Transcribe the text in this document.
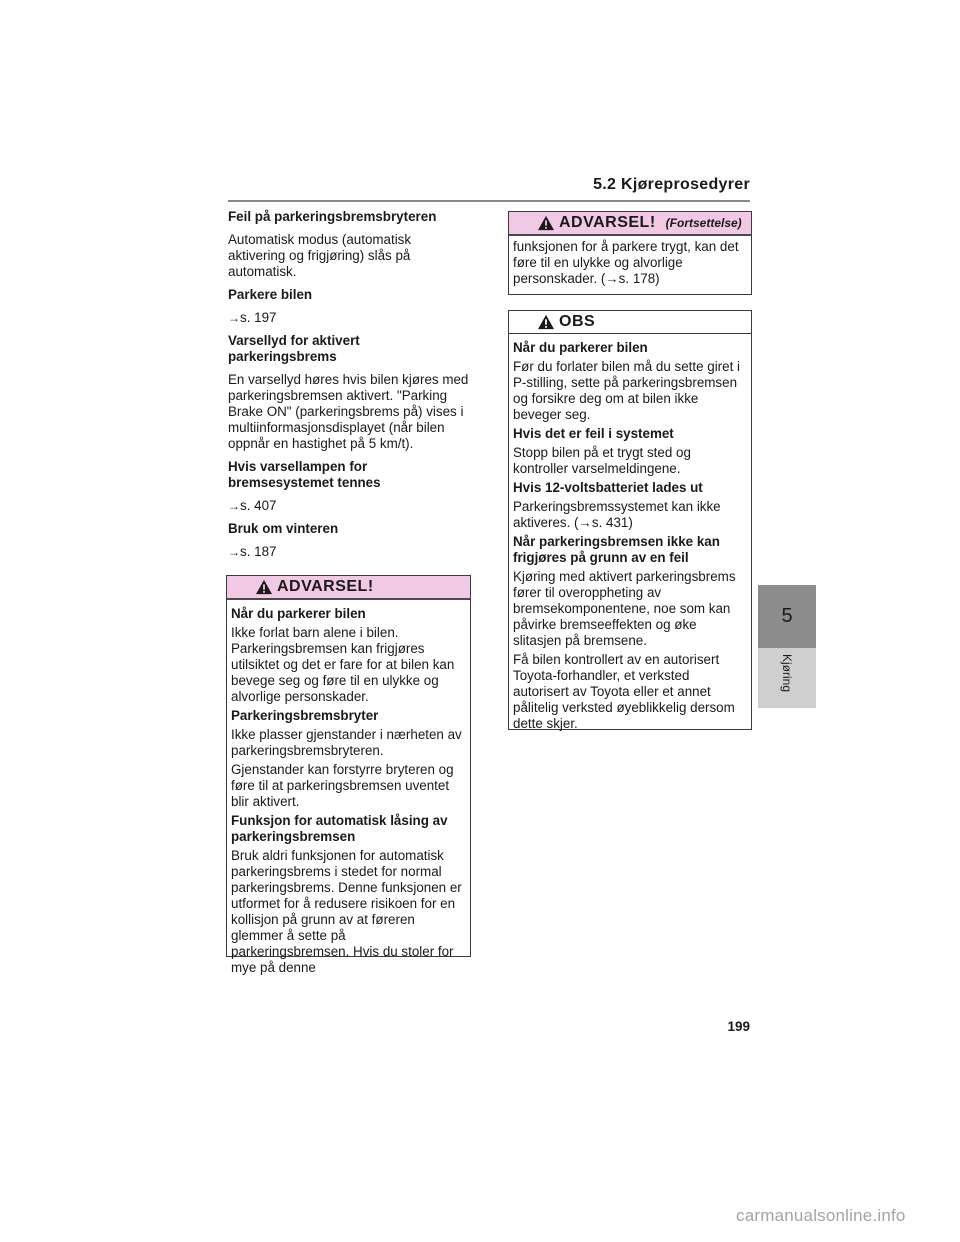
5.2 Kjøreprosedyrer
Feil på parkeringsbremsbryteren
Automatisk modus (automatisk aktivering og frigjøring) slås på automatisk.
Parkere bilen
→s. 197
Varsellyd for aktivert parkeringsbrems
En varsellyd høres hvis bilen kjøres med parkeringsbremsen aktivert. "Parking Brake ON" (parkeringsbrems på) vises i multiinformasjonsdisplayet (når bilen oppnår en hastighet på 5 km/t).
Hvis varsellampen for bremsesystemet tennes
→s. 407
Bruk om vinteren
→s. 187
ADVARSEL!
Når du parkerer bilen
Ikke forlat barn alene i bilen. Parkeringsbremsen kan frigjøres utilsiktet og det er fare for at bilen kan bevege seg og føre til en ulykke og alvorlige personskader.
Parkeringsbremsbryter
Ikke plasser gjenstander i nærheten av parkeringsbremsbryteren.
Gjenstander kan forstyrre bryteren og føre til at parkeringsbremsen uventet blir aktivert.
Funksjon for automatisk låsing av parkeringsbremsen
Bruk aldri funksjonen for automatisk parkeringsbrems i stedet for normal parkeringsbrems. Denne funksjonen er utformet for å redusere risikoen for en kollisjon på grunn av at føreren glemmer å sette på parkeringsbremsen. Hvis du stoler for mye på denne
ADVARSEL! (Fortsettelse)
funksjonen for å parkere trygt, kan det føre til en ulykke og alvorlige personskader. (→s. 178)
OBS
Når du parkerer bilen
Før du forlater bilen må du sette giret i P-stilling, sette på parkeringsbremsen og forsikre deg om at bilen ikke beveger seg.
Hvis det er feil i systemet
Stopp bilen på et trygt sted og kontroller varselmeldingene.
Hvis 12-voltsbatteriet lades ut
Parkeringsbremssystemet kan ikke aktiveres. (→s. 431)
Når parkeringsbremsen ikke kan frigjøres på grunn av en feil
Kjøring med aktivert parkeringsbrems fører til overoppheting av bremsekomponentene, noe som kan påvirke bremseeffekten og øke slitasjen på bremsene.
Få bilen kontrollert av en autorisert Toyota-forhandler, et verksted autorisert av Toyota eller et annet pålitelig verksted øyeblikkelig dersom dette skjer.
5
Kjøring
199
carmanualsonline.info
